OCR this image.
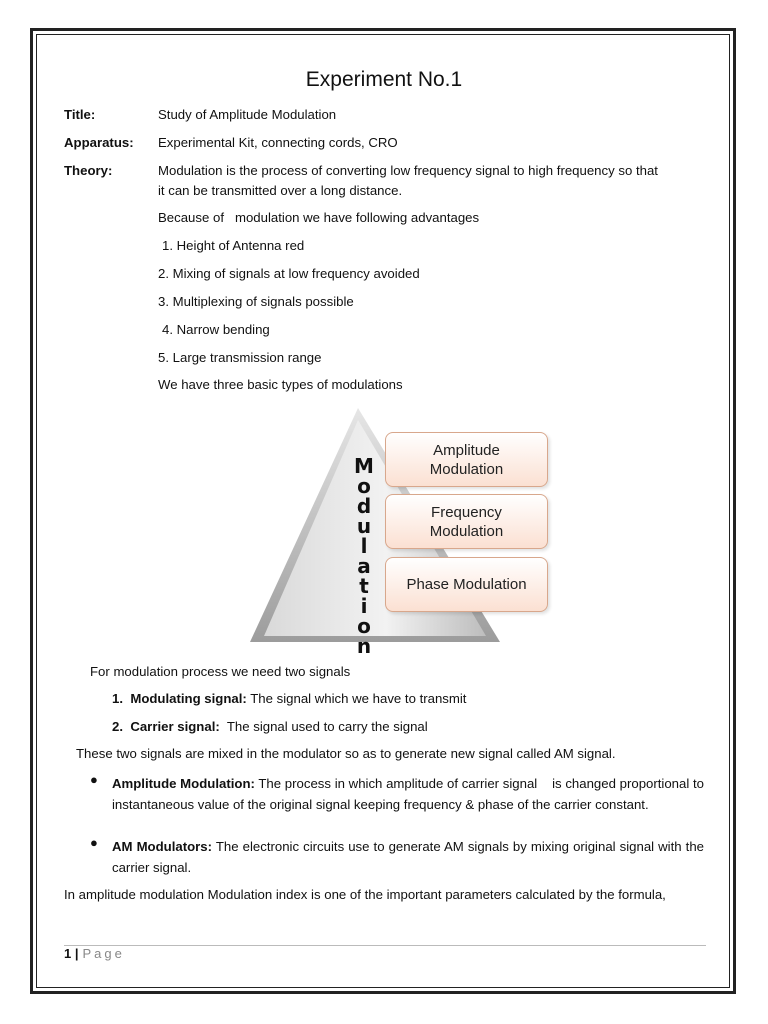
Experiment No.1
Title:	Study of Amplitude Modulation
Apparatus: Experimental Kit, connecting cords, CRO
Theory:	Modulation is the process of converting low frequency signal to high frequency so that
it can be transmitted over a long distance.
Because of   modulation we have following advantages
1. Height of Antenna red
2. Mixing of signals at low frequency avoided
3. Multiplexing of signals possible
4. Narrow bending
5. Large transmission range
We have three basic types of modulations
M
o
d
u
l
a
t
i
o
n
Amplitude
Modulation
Frequency
Modulation
Phase Modulation
For modulation process we need two signals
1. Modulating signal: The signal which we have to transmit
2. Carrier signal:  The signal used to carry the signal
These two signals are mixed in the modulator so as to generate new signal called AM signal.
● Amplitude Modulation: The process in which amplitude of carrier signal    is changed proportional to instantaneous value of the original signal keeping frequency & phase of the carrier constant.
● AM Modulators: The electronic circuits use to generate AM signals by mixing original signal with the carrier signal.
In amplitude modulation Modulation index is one of the important parameters calculated by the formula,
1 | Page
